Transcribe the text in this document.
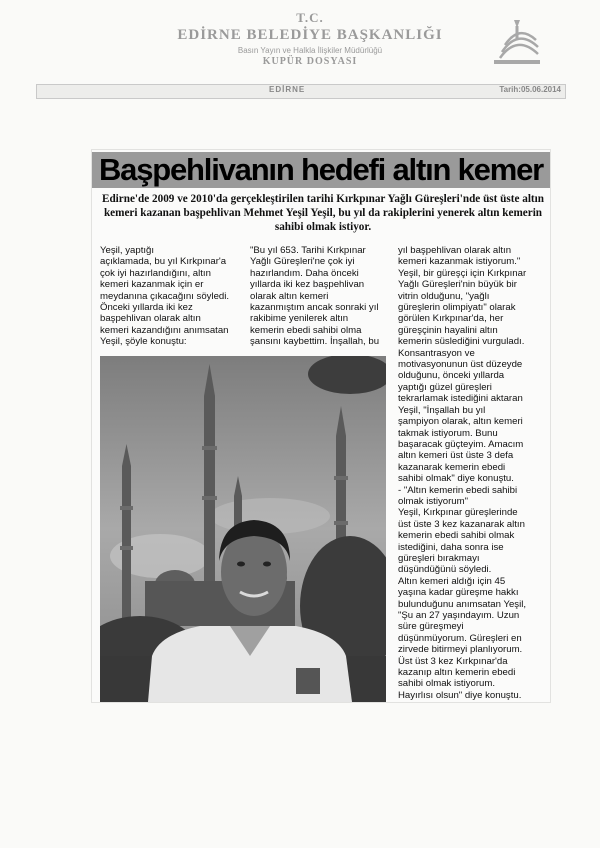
T.C.
EDİRNE BELEDİYE BAŞKANLIĞI
Basın Yayın ve Halkla İlişkiler Müdürlüğü
KUPÜR DOSYASI
EDİRNE	Tarih:05.06.2014
Başpehlivanın hedefi altın kemer
Edirne'de 2009 ve 2010'da gerçekleştirilen tarihi Kırkpınar Yağlı Güreşleri'nde üst üste altın kemeri kazanan başpehlivan Mehmet Yeşil Yeşil, bu yıl da rakiplerini yenerek altın kemerin sahibi olmak istiyor.
Yeşil, yaptığı
açıklamada, bu yıl Kırkpınar'a
çok iyi hazırlandığını, altın
kemeri kazanmak için er
meydanına çıkacağını söyledi.
Önceki yıllarda iki kez
başpehlivan olarak altın
kemeri kazandığını anımsatan
Yeşil, şöyle konuştu:
"Bu yıl 653. Tarihi Kırkpınar
Yağlı Güreşleri'ne çok iyi
hazırlandım. Daha önceki
yıllarda iki kez başpehlivan
olarak altın kemeri
kazanmıştım ancak sonraki yıl
rakibime yenilerek altın
kemerin ebedi sahibi olma
şansını kaybettim. İnşallah, bu
yıl başpehlivan olarak altın
kemeri kazanmak istiyorum."
Yeşil, bir güreşçi için Kırkpınar
Yağlı Güreşleri'nin büyük bir
vitrin olduğunu, "yağlı
güreşlerin olimpiyatı" olarak
görülen Kırkpınar'da, her
güreşçinin hayalini altın
kemerin süslediğini vurguladı.
Konsantrasyon ve
motivasyonunun üst düzeyde
olduğunu, önceki yıllarda
yaptığı güzel güreşleri
tekrarlamak istediğini aktaran
Yeşil, "İnşallah bu yıl
şampiyon olarak, altın kemeri
takmak istiyorum. Bunu
başaracak güçteyim. Amacım
altın kemeri üst üste 3 defa
kazanarak kemerin ebedi
sahibi olmak" diye konuştu.
- "Altın kemerin ebedi sahibi
olmak istiyorum"
Yeşil, Kırkpınar güreşlerinde
üst üste 3 kez kazanarak altın
kemerin ebedi sahibi olmak
istediğini, daha sonra ise
güreşleri bırakmayı
düşündüğünü söyledi.
Altın kemeri aldığı için 45
yaşına kadar güreşme hakkı
bulunduğunu anımsatan Yeşil,
"Şu an 27 yaşındayım. Uzun
süre güreşmeyi
düşünmüyorum. Güreşleri en
zirvede bitirmeyi planlıyorum.
Üst üst 3 kez Kırkpınar'da
kazanıp altın kemerin ebedi
sahibi olmak istiyorum.
Hayırlısı olsun" diye konuştu.
